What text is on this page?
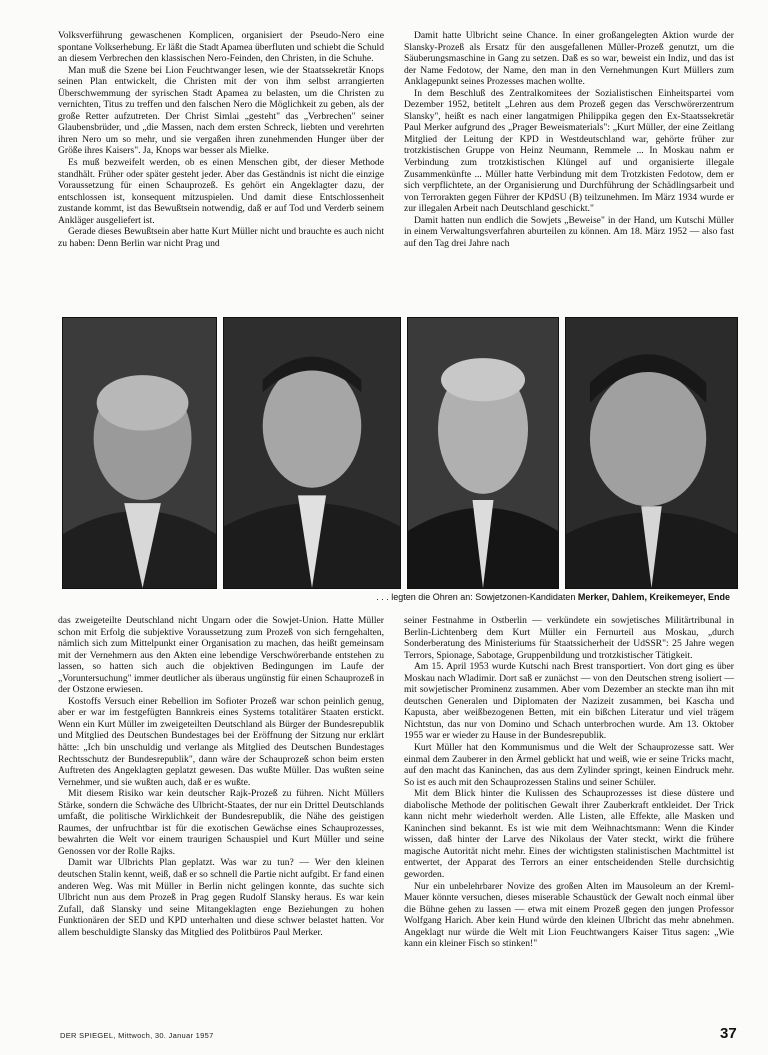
Volksverführung gewaschenen Komplicen, organisiert der Pseudo-Nero eine spontane Volkserhebung. Er läßt die Stadt Apamea überfluten und schiebt die Schuld an diesem Verbrechen den klassischen Nero-Feinden, den Christen, in die Schuhe.

Man muß die Szene bei Lion Feuchtwanger lesen, wie der Staatssekretär Knops seinen Plan entwickelt, die Christen mit der von ihm selbst arrangierten Überschwemmung der syrischen Stadt Apamea zu belasten, um die Christen zu vernichten, Titus zu treffen und den falschen Nero die Möglichkeit zu geben, als der große Retter aufzutreten. Der Christ Simlai „gesteht" das „Verbrechen" seiner Glaubensbrüder, und „die Massen, nach dem ersten Schreck, liebten und verehrten ihren Nero um so mehr, und sie vergaßen ihren zunehmenden Hunger über der Größe ihres Kaisers". Ja, Knops war besser als Mielke.

Es muß bezweifelt werden, ob es einen Menschen gibt, der dieser Methode standhält. Früher oder später gesteht jeder. Aber das Geständnis ist nicht die einzige Voraussetzung für einen Schauprozeß. Es gehört ein Angeklagter dazu, der entschlossen ist, konsequent mitzuspielen. Und damit diese Entschlossenheit zustande kommt, ist das Bewußtsein notwendig, daß er auf Tod und Verderb seinem Ankläger ausgeliefert ist.

Gerade dieses Bewußtsein aber hatte Kurt Müller nicht und brauchte es auch nicht zu haben: Denn Berlin war nicht Prag und

Damit hatte Ulbricht seine Chance. In einer großangelegten Aktion wurde der Slansky-Prozeß als Ersatz für den ausgefallenen Müller-Prozeß genutzt, um die Säuberungsmaschine in Gang zu setzen. Daß es so war, beweist ein Indiz, und das ist der Name Fedotow, der Name, den man in den Vernehmungen Kurt Müllers zum Anklagepunkt seines Prozesses machen wollte.

In dem Beschluß des Zentralkomitees der Sozialistischen Einheitspartei vom Dezember 1952, betitelt „Lehren aus dem Prozeß gegen das Verschwörerzentrum Slansky", heißt es nach einer langatmigen Philippika gegen den Ex-Staatssekretär Paul Merker aufgrund des „Prager Beweismaterials": „Kurt Müller, der eine Zeitlang Mitglied der Leitung der KPD in Westdeutschland war, gehörte früher zur trotzkistischen Gruppe von Heinz Neumann, Remmele ... In Moskau nahm er Verbindung zum trotzkistischen Klüngel auf und organisierte illegale Zusammenkünfte ... Müller hatte Verbindung mit dem Trotzkisten Fedotow, dem er sich verpflichtete, an der Organisierung und Durchführung der Schädlingsarbeit und von Terrorakten gegen Führer der KPdSU (B) teilzunehmen. Im März 1934 wurde er zur illegalen Arbeit nach Deutschland geschickt."

Damit hatten nun endlich die Sowjets „Beweise" in der Hand, um Kutschi Müller in einem Verwaltungsverfahren aburteilen zu können. Am 18. März 1952 — also fast auf den Tag drei Jahre nach

. . . legten die Ohren an: Sowjetzonen-Kandidaten Merker, Dahlem, Kreikemeyer, Ende

das zweigeteilte Deutschland nicht Ungarn oder die Sowjet-Union. Hatte Müller schon mit Erfolg die subjektive Voraussetzung zum Prozeß von sich ferngehalten, nämlich sich zum Mittelpunkt einer Organisation zu machen, das heißt gemeinsam mit der Vernehmern aus den Akten eine lebendige Verschwörerbande entstehen zu lassen, so hatten sich auch die objektiven Bedingungen im Laufe der „Voruntersuchung" immer deutlicher als überaus ungünstig für einen Schauprozeß in der Ostzone erwiesen.

Kostoffs Versuch einer Rebellion im Sofioter Prozeß war schon peinlich genug, aber er war im festgefügten Bannkreis eines Systems totalitärer Staaten erstickt. Wenn ein Kurt Müller im zweigeteilten Deutschland als Bürger der Bundesrepublik und Mitglied des Deutschen Bundestages bei der Eröffnung der Sitzung nur erklärt hätte: „Ich bin unschuldig und verlange als Mitglied des Deutschen Bundestages Rechtsschutz der Bundesrepublik", dann wäre der Schauprozeß schon beim ersten Auftreten des Angeklagten geplatzt gewesen. Das wußte Müller. Das wußten seine Vernehmer, und sie wußten auch, daß er es wußte.

Mit diesem Risiko war kein deutscher Rajk-Prozeß zu führen. Nicht Müllers Stärke, sondern die Schwäche des Ulbricht-Staates, der nur ein Drittel Deutschlands umfaßt, die politische Wirklichkeit der Bundesrepublik, die Nähe des geistigen Raumes, der unfruchtbar ist für die exotischen Gewächse eines Schauprozesses, bewahrten die Welt vor einem traurigen Schauspiel und Kurt Müller und seine Genossen vor der Rolle Rajks.

Damit war Ulbrichts Plan geplatzt. Was war zu tun? — Wer den kleinen deutschen Stalin kennt, weiß, daß er so schnell die Partie nicht aufgibt. Er fand einen anderen Weg. Was mit Müller in Berlin nicht gelingen konnte, das suchte sich Ulbricht nun aus dem Prozeß in Prag gegen Rudolf Slansky heraus. Es war kein Zufall, daß Slansky und seine Mitangeklagten enge Beziehungen zu hohen Funktionären der SED und KPD unterhalten und diese schwer belastet hatten. Vor allem beschuldigte Slansky das Mitglied des Politbüros Paul Merker.

seiner Festnahme in Ostberlin — verkündete ein sowjetisches Militärtribunal in Berlin-Lichtenberg dem Kurt Müller ein Fernurteil aus Moskau, „durch Sonderberatung des Ministeriums für Staatssicherheit der UdSSR": 25 Jahre wegen Terrors, Spionage, Sabotage, Gruppenbildung und trotzkistischer Tätigkeit.

Am 15. April 1953 wurde Kutschi nach Brest transportiert. Von dort ging es über Moskau nach Wladimir. Dort saß er zunächst — von den Deutschen streng isoliert — mit sowjetischer Prominenz zusammen. Aber vom Dezember an steckte man ihn mit deutschen Generalen und Diplomaten der Nazizeit zusammen, bei Kascha und Kapusta, aber weißbezogenen Betten, mit ein bißchen Literatur und viel trägem Nichtstun, das nur von Domino und Schach unterbrochen wurde. Am 13. Oktober 1955 war er wieder zu Hause in der Bundesrepublik.

Kurt Müller hat den Kommunismus und die Welt der Schauprozesse satt. Wer einmal dem Zauberer in den Ärmel geblickt hat und weiß, wie er seine Tricks macht, auf den macht das Kaninchen, das aus dem Zylinder springt, keinen Eindruck mehr. So ist es auch mit den Schauprozessen Stalins und seiner Schüler.

Mit dem Blick hinter die Kulissen des Schauprozesses ist diese düstere und diabolische Methode der politischen Gewalt ihrer Zauberkraft entkleidet. Der Trick kann nicht mehr wiederholt werden. Alle Listen, alle Effekte, alle Masken und Kaninchen sind bekannt. Es ist wie mit dem Weihnachtsmann: Wenn die Kinder wissen, daß hinter der Larve des Nikolaus der Vater steckt, wirkt die frühere magische Autorität nicht mehr. Eines der wichtigsten stalinistischen Machtmittel ist entwertet, der Apparat des Terrors an einer entscheidenden Stelle durchsichtig geworden.

Nur ein unbelehrbarer Novize des großen Alten im Mausoleum an der Kreml-Mauer könnte versuchen, dieses miserable Schaustück der Gewalt noch einmal über die Bühne gehen zu lassen — etwa mit einem Prozeß gegen den jungen Professor Wolfgang Harich. Aber kein Hund würde den kleinen Ulbricht das mehr abnehmen. Angeklagt nur würde die Welt mit Lion Feuchtwangers Kaiser Titus sagen: „Wie kann ein kleiner Fisch so stinken!"

DER SPIEGEL, Mittwoch, 30. Januar 1957	37
